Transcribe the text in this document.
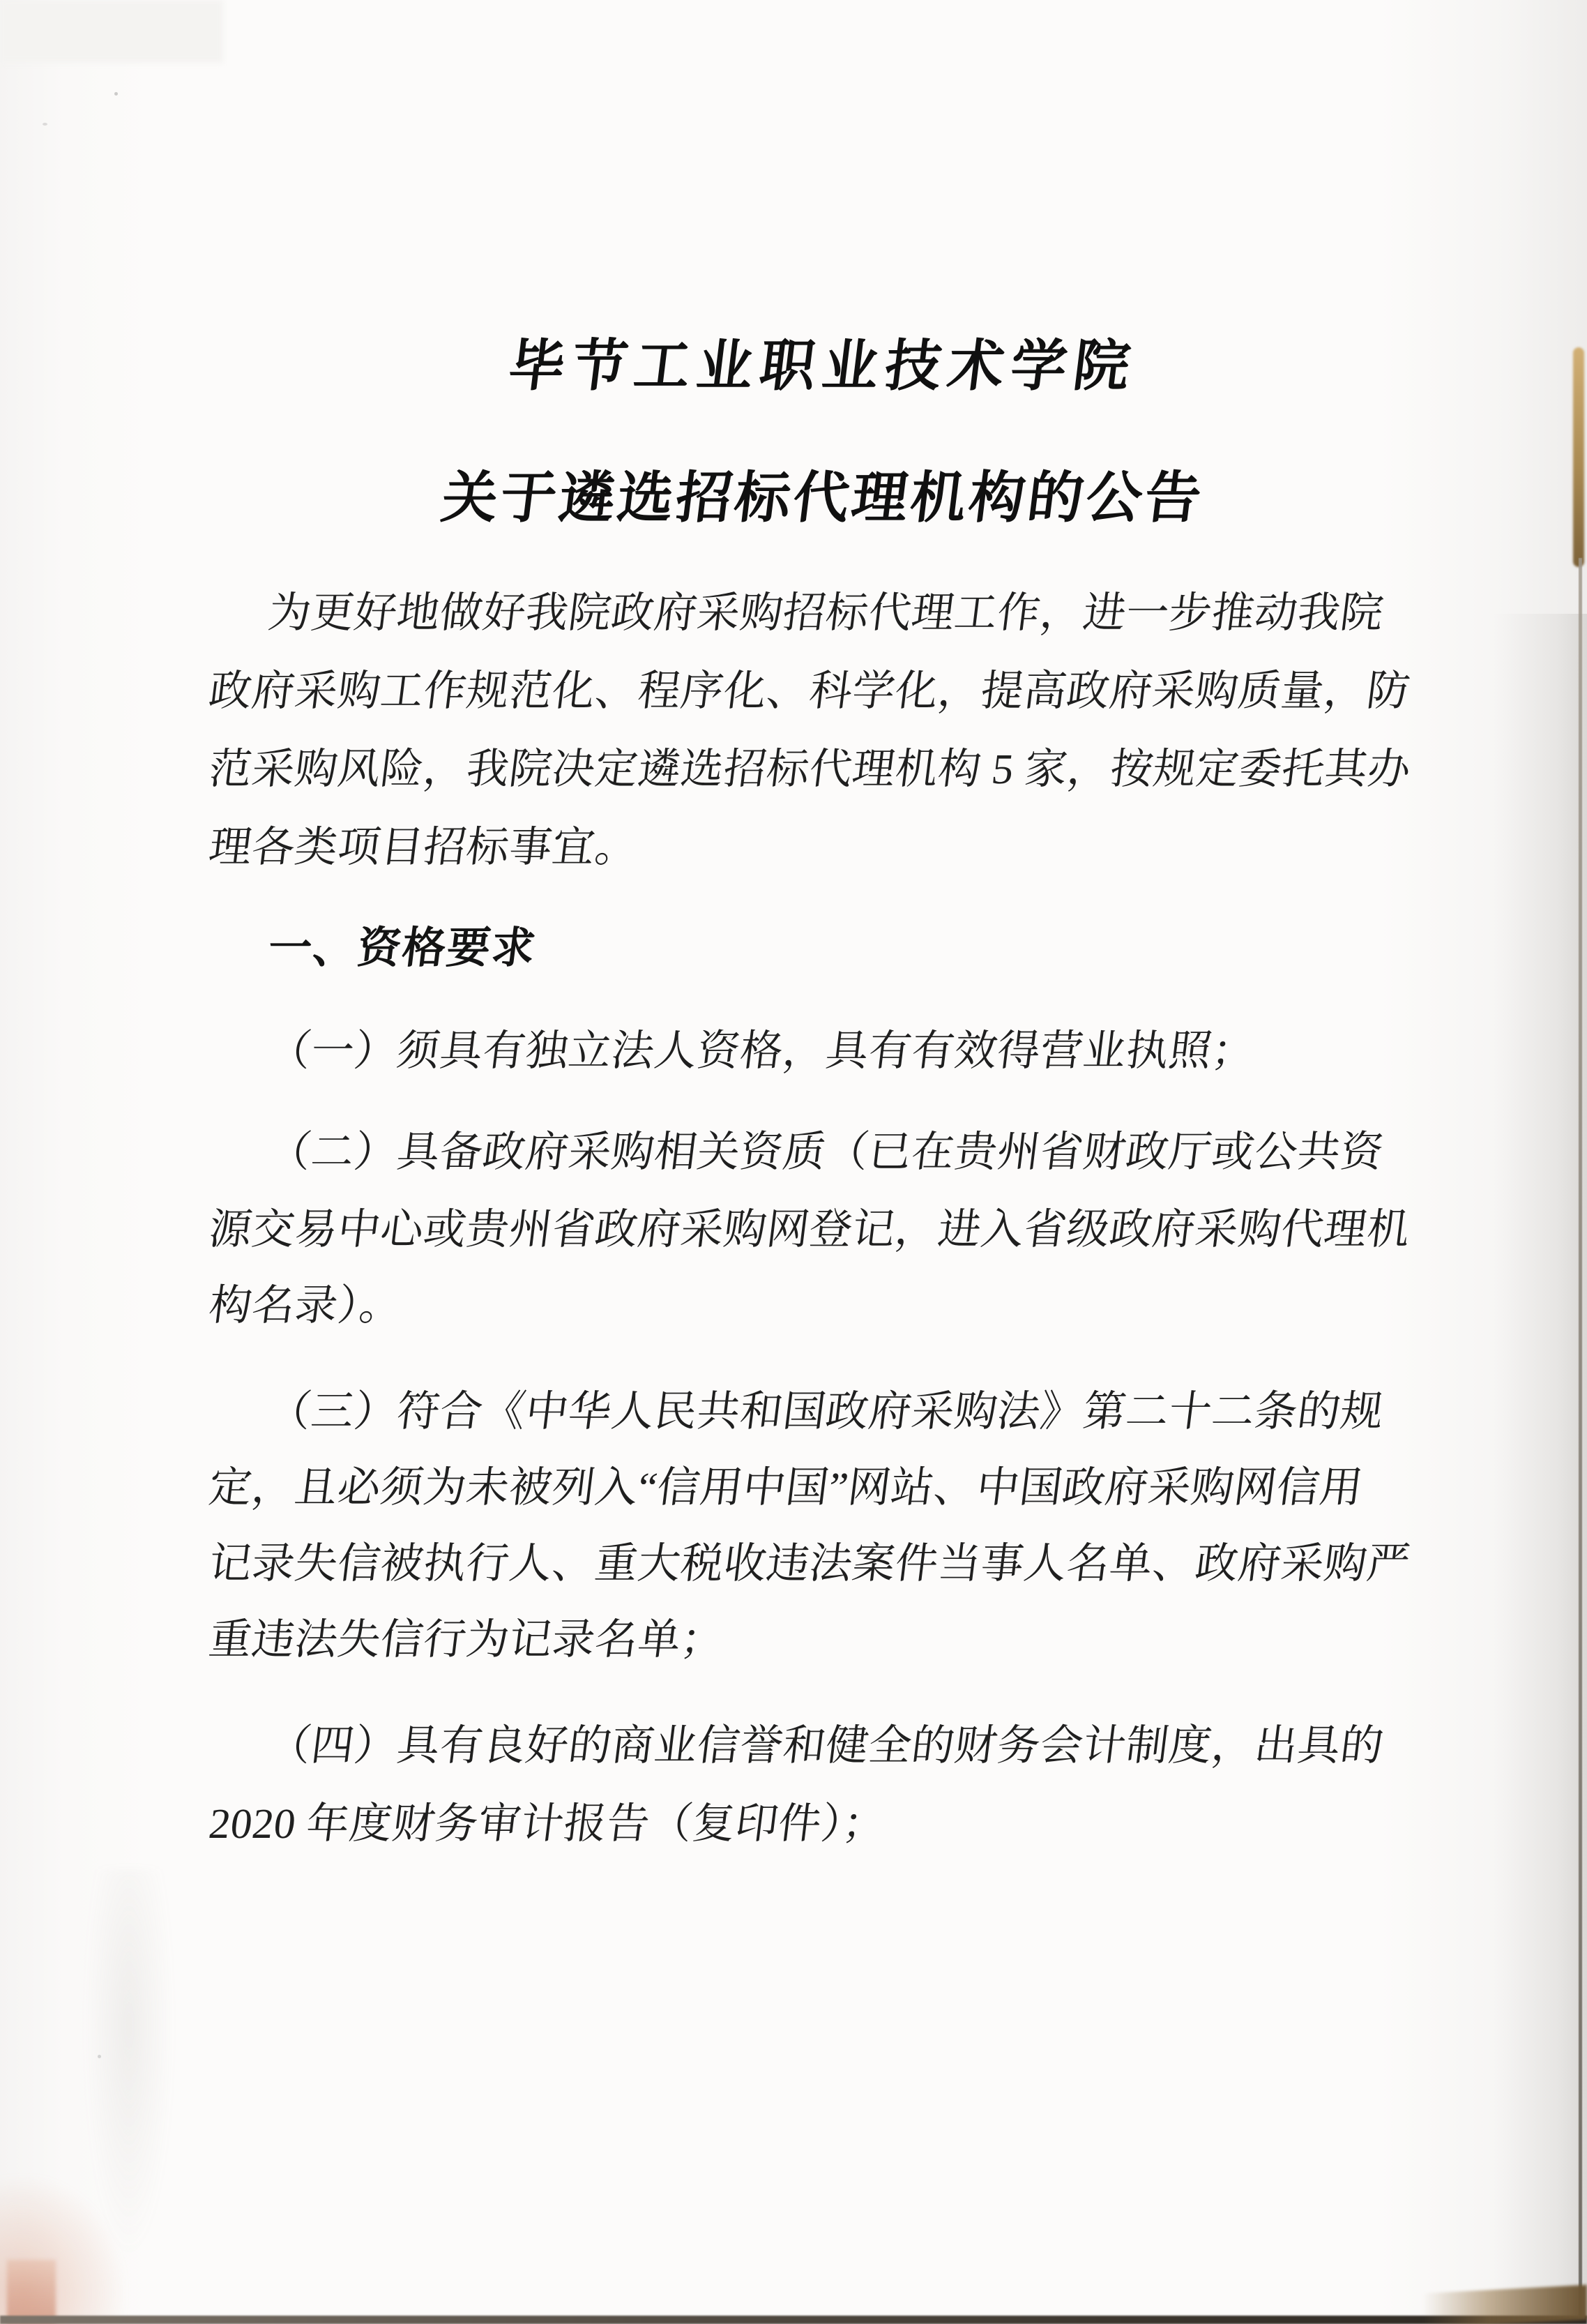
毕节工业职业技术学院
关于遴选招标代理机构的公告
为更好地做好我院政府采购招标代理工作，进一步推动我院
政府采购工作规范化、程序化、科学化，提高政府采购质量，防
范采购风险，我院决定遴选招标代理机构 5 家，按规定委托其办
理各类项目招标事宜。
一、资格要求
（一）须具有独立法人资格，具有有效得营业执照；
（二）具备政府采购相关资质（已在贵州省财政厅或公共资
源交易中心或贵州省政府采购网登记，进入省级政府采购代理机
构名录）。
（三）符合《中华人民共和国政府采购法》第二十二条的规
定，且必须为未被列入“信用中国”网站、中国政府采购网信用
记录失信被执行人、重大税收违法案件当事人名单、政府采购严
重违法失信行为记录名单；
（四）具有良好的商业信誉和健全的财务会计制度，出具的
2020 年度财务审计报告（复印件）；
